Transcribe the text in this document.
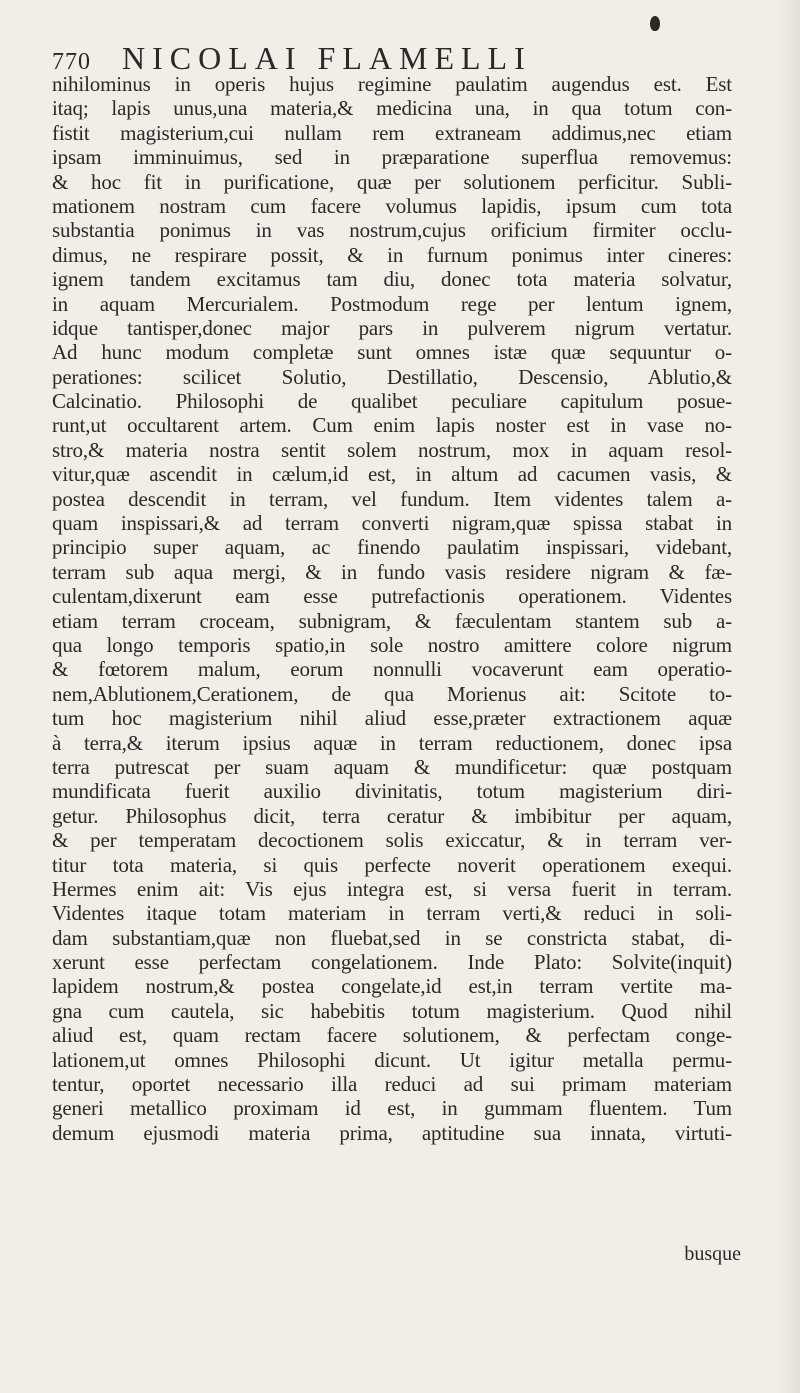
770 NICOLAI FLAMELLI
nihilominus in operis hujus regimine paulatim augendus est. Est
itaq; lapis unus,una materia,& medicina una, in qua totum con-
fistit magisterium,cui nullam rem extraneam addimus,nec etiam
ipsam imminuimus, sed in præparatione superflua removemus:
& hoc fit in purificatione, quæ per solutionem perficitur. Subli-
mationem nostram cum facere volumus lapidis, ipsum cum tota
substantia ponimus in vas nostrum,cujus orificium firmiter occlu-
dimus, ne respirare possit, & in furnum ponimus inter cineres:
ignem tandem excitamus tam diu, donec tota materia solvatur,
in aquam Mercurialem. Postmodum rege per lentum ignem,
idque tantisper,donec major pars in pulverem nigrum vertatur.
Ad hunc modum completæ sunt omnes istæ quæ sequuntur o-
perationes: scilicet Solutio, Destillatio, Descensio, Ablutio,&
Calcinatio. Philosophi de qualibet peculiare capitulum posue-
runt,ut occultarent artem. Cum enim lapis noster est in vase no-
stro,& materia nostra sentit solem nostrum, mox in aquam resol-
vitur,quæ ascendit in cælum,id est, in altum ad cacumen vasis, &
postea descendit in terram, vel fundum. Item videntes talem a-
quam inspissari,& ad terram converti nigram,quæ spissa stabat in
principio super aquam, ac finendo paulatim inspissari, videbant,
terram sub aqua mergi, & in fundo vasis residere nigram & fæ-
culentam,dixerunt eam esse putrefactionis operationem. Videntes
etiam terram croceam, subnigram, & fæculentam stantem sub a-
qua longo temporis spatio,in sole nostro amittere colore nigrum
& fœtorem malum, eorum nonnulli vocaverunt eam operatio-
nem,Ablutionem,Cerationem, de qua Morienus ait: Scitote to-
tum hoc magisterium nihil aliud esse,præter extractionem aquæ
à terra,& iterum ipsius aquæ in terram reductionem, donec ipsa
terra putrescat per suam aquam & mundificetur: quæ postquam
mundificata fuerit auxilio divinitatis, totum magisterium diri-
getur. Philosophus dicit, terra ceratur & imbibitur per aquam,
& per temperatam decoctionem solis exiccatur, & in terram ver-
titur tota materia, si quis perfecte noverit operationem exequi.
Hermes enim ait: Vis ejus integra est, si versa fuerit in terram.
Videntes itaque totam materiam in terram verti,& reduci in soli-
dam substantiam,quæ non fluebat,sed in se constricta stabat, di-
xerunt esse perfectam congelationem. Inde Plato: Solvite(inquit)
lapidem nostrum,& postea congelate,id est,in terram vertite ma-
gna cum cautela, sic habebitis totum magisterium. Quod nihil
aliud est, quam rectam facere solutionem, & perfectam conge-
lationem,ut omnes Philosophi dicunt. Ut igitur metalla permu-
tentur, oportet necessario illa reduci ad sui primam materiam
generi metallico proximam id est, in gummam fluentem. Tum
demum ejusmodi materia prima, aptitudine sua innata, virtuti-
busque
